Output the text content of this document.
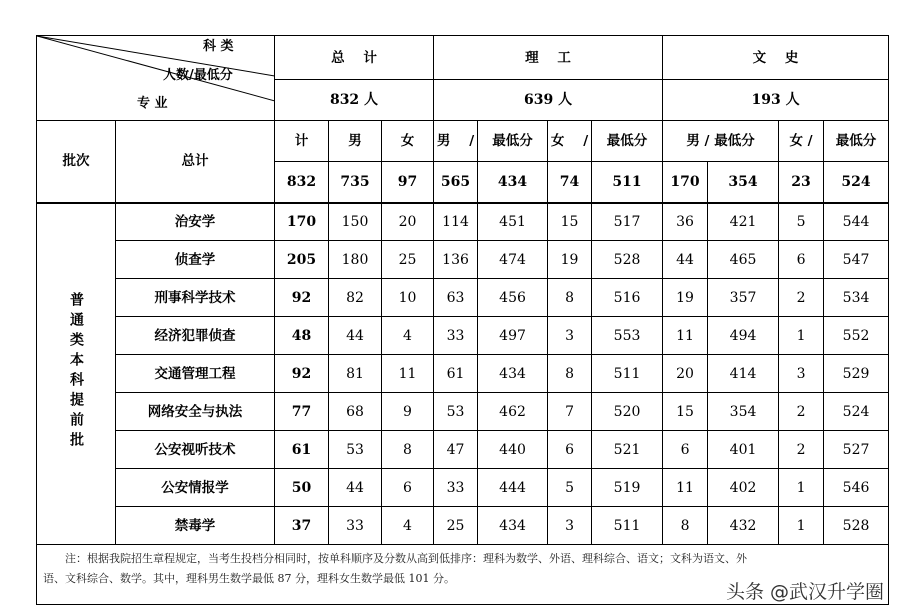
科 类
人数/最低分
专 业		总    计			理    工				文    史			
		832 人			639 人				193 人			
批次	总计	计	男	女	男    /	最低分	女    /	最低分	男 / 最低分		女 /	最低分
		832	735	97	565	434	74	511	170	354	23	524
普通类本科提前批	治安学	170	150	20	114	451	15	517	36	421	5	544
	侦查学	205	180	25	136	474	19	528	44	465	6	547
	刑事科学技术	92	82	10	63	456	8	516	19	357	2	534
	经济犯罪侦查	48	44	4	33	497	3	553	11	494	1	552
	交通管理工程	92	81	11	61	434	8	511	20	414	3	529
	网络安全与执法	77	68	9	53	462	7	520	15	354	2	524
	公安视听技术	61	53	8	47	440	6	521	6	401	2	527
	公安情报学	50	44	6	33	444	5	519	11	402	1	546
	禁毒学	37	33	4	25	434	3	511	8	432	1	528

注：根据我院招生章程规定，当考生投档分相同时，按单科顺序及分数从高到低排序：理科为数学、外语、理科综合、语文；文科为语文、外
语、文科综合、数学。其中，理科男生数学最低 87 分，理科女生数学最低 101 分。												
头条 @武汉升学圈
